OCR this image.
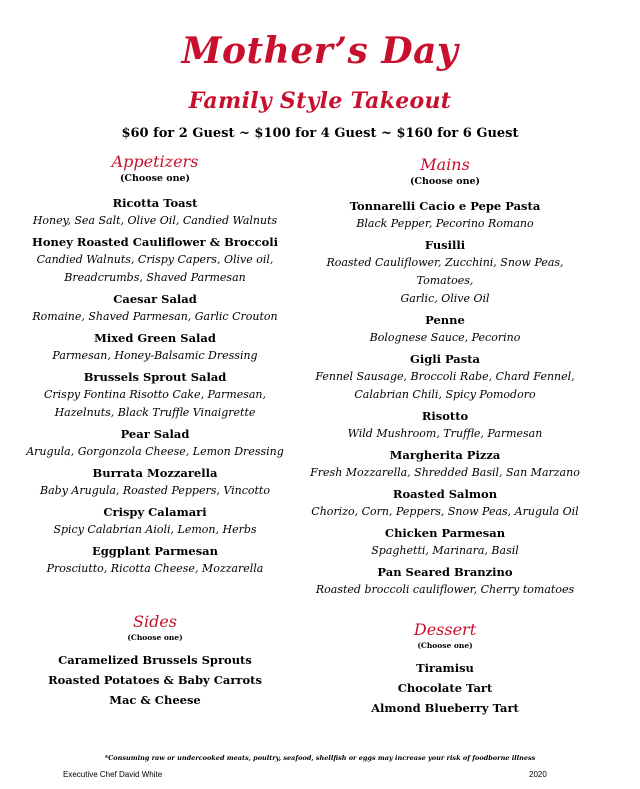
Mother’s Day
Family Style Takeout
$60 for 2 Guest ~ $100 for 4 Guest ~ $160 for 6 Guest
Appetizers
(Choose one)
Ricotta Toast
Honey, Sea Salt, Olive Oil, Candied Walnuts
Honey Roasted Cauliflower & Broccoli
Candied Walnuts, Crispy Capers, Olive oil,
Breadcrumbs, Shaved Parmesan
Caesar Salad
Romaine, Shaved Parmesan, Garlic Crouton
Mixed Green Salad
Parmesan, Honey-Balsamic Dressing
Brussels Sprout Salad
Crispy Fontina Risotto Cake, Parmesan,
Hazelnuts, Black Truffle Vinaigrette
Pear Salad
Arugula, Gorgonzola Cheese, Lemon Dressing
Burrata Mozzarella
Baby Arugula, Roasted Peppers, Vincotto
Crispy Calamari
Spicy Calabrian Aioli, Lemon, Herbs
Eggplant Parmesan
Prosciutto, Ricotta Cheese, Mozzarella
Mains
(Choose one)
Tonnarelli Cacio e Pepe Pasta
Black Pepper, Pecorino Romano
Fusilli
Roasted Cauliflower, Zucchini, Snow Peas, Tomatoes,
Garlic, Olive Oil
Penne
Bolognese Sauce, Pecorino
Gigli Pasta
Fennel Sausage, Broccoli Rabe, Chard Fennel,
Calabrian Chili, Spicy Pomodoro
Risotto
Wild Mushroom, Truffle, Parmesan
Margherita Pizza
Fresh Mozzarella, Shredded Basil, San Marzano
Roasted Salmon
Chorizo, Corn, Peppers, Snow Peas, Arugula Oil
Chicken Parmesan
Spaghetti, Marinara, Basil
Pan Seared Branzino
Roasted broccoli cauliflower, Cherry tomatoes
Sides
(Choose one)
Caramelized Brussels Sprouts
Roasted Potatoes & Baby Carrots
Mac & Cheese
Dessert
(Choose one)
Tiramisu
Chocolate Tart
Almond Blueberry Tart
*Consuming raw or undercooked meats, poultry, seafood, shellfish or eggs may increase your risk of foodborne illness
Executive Chef David White	2020
